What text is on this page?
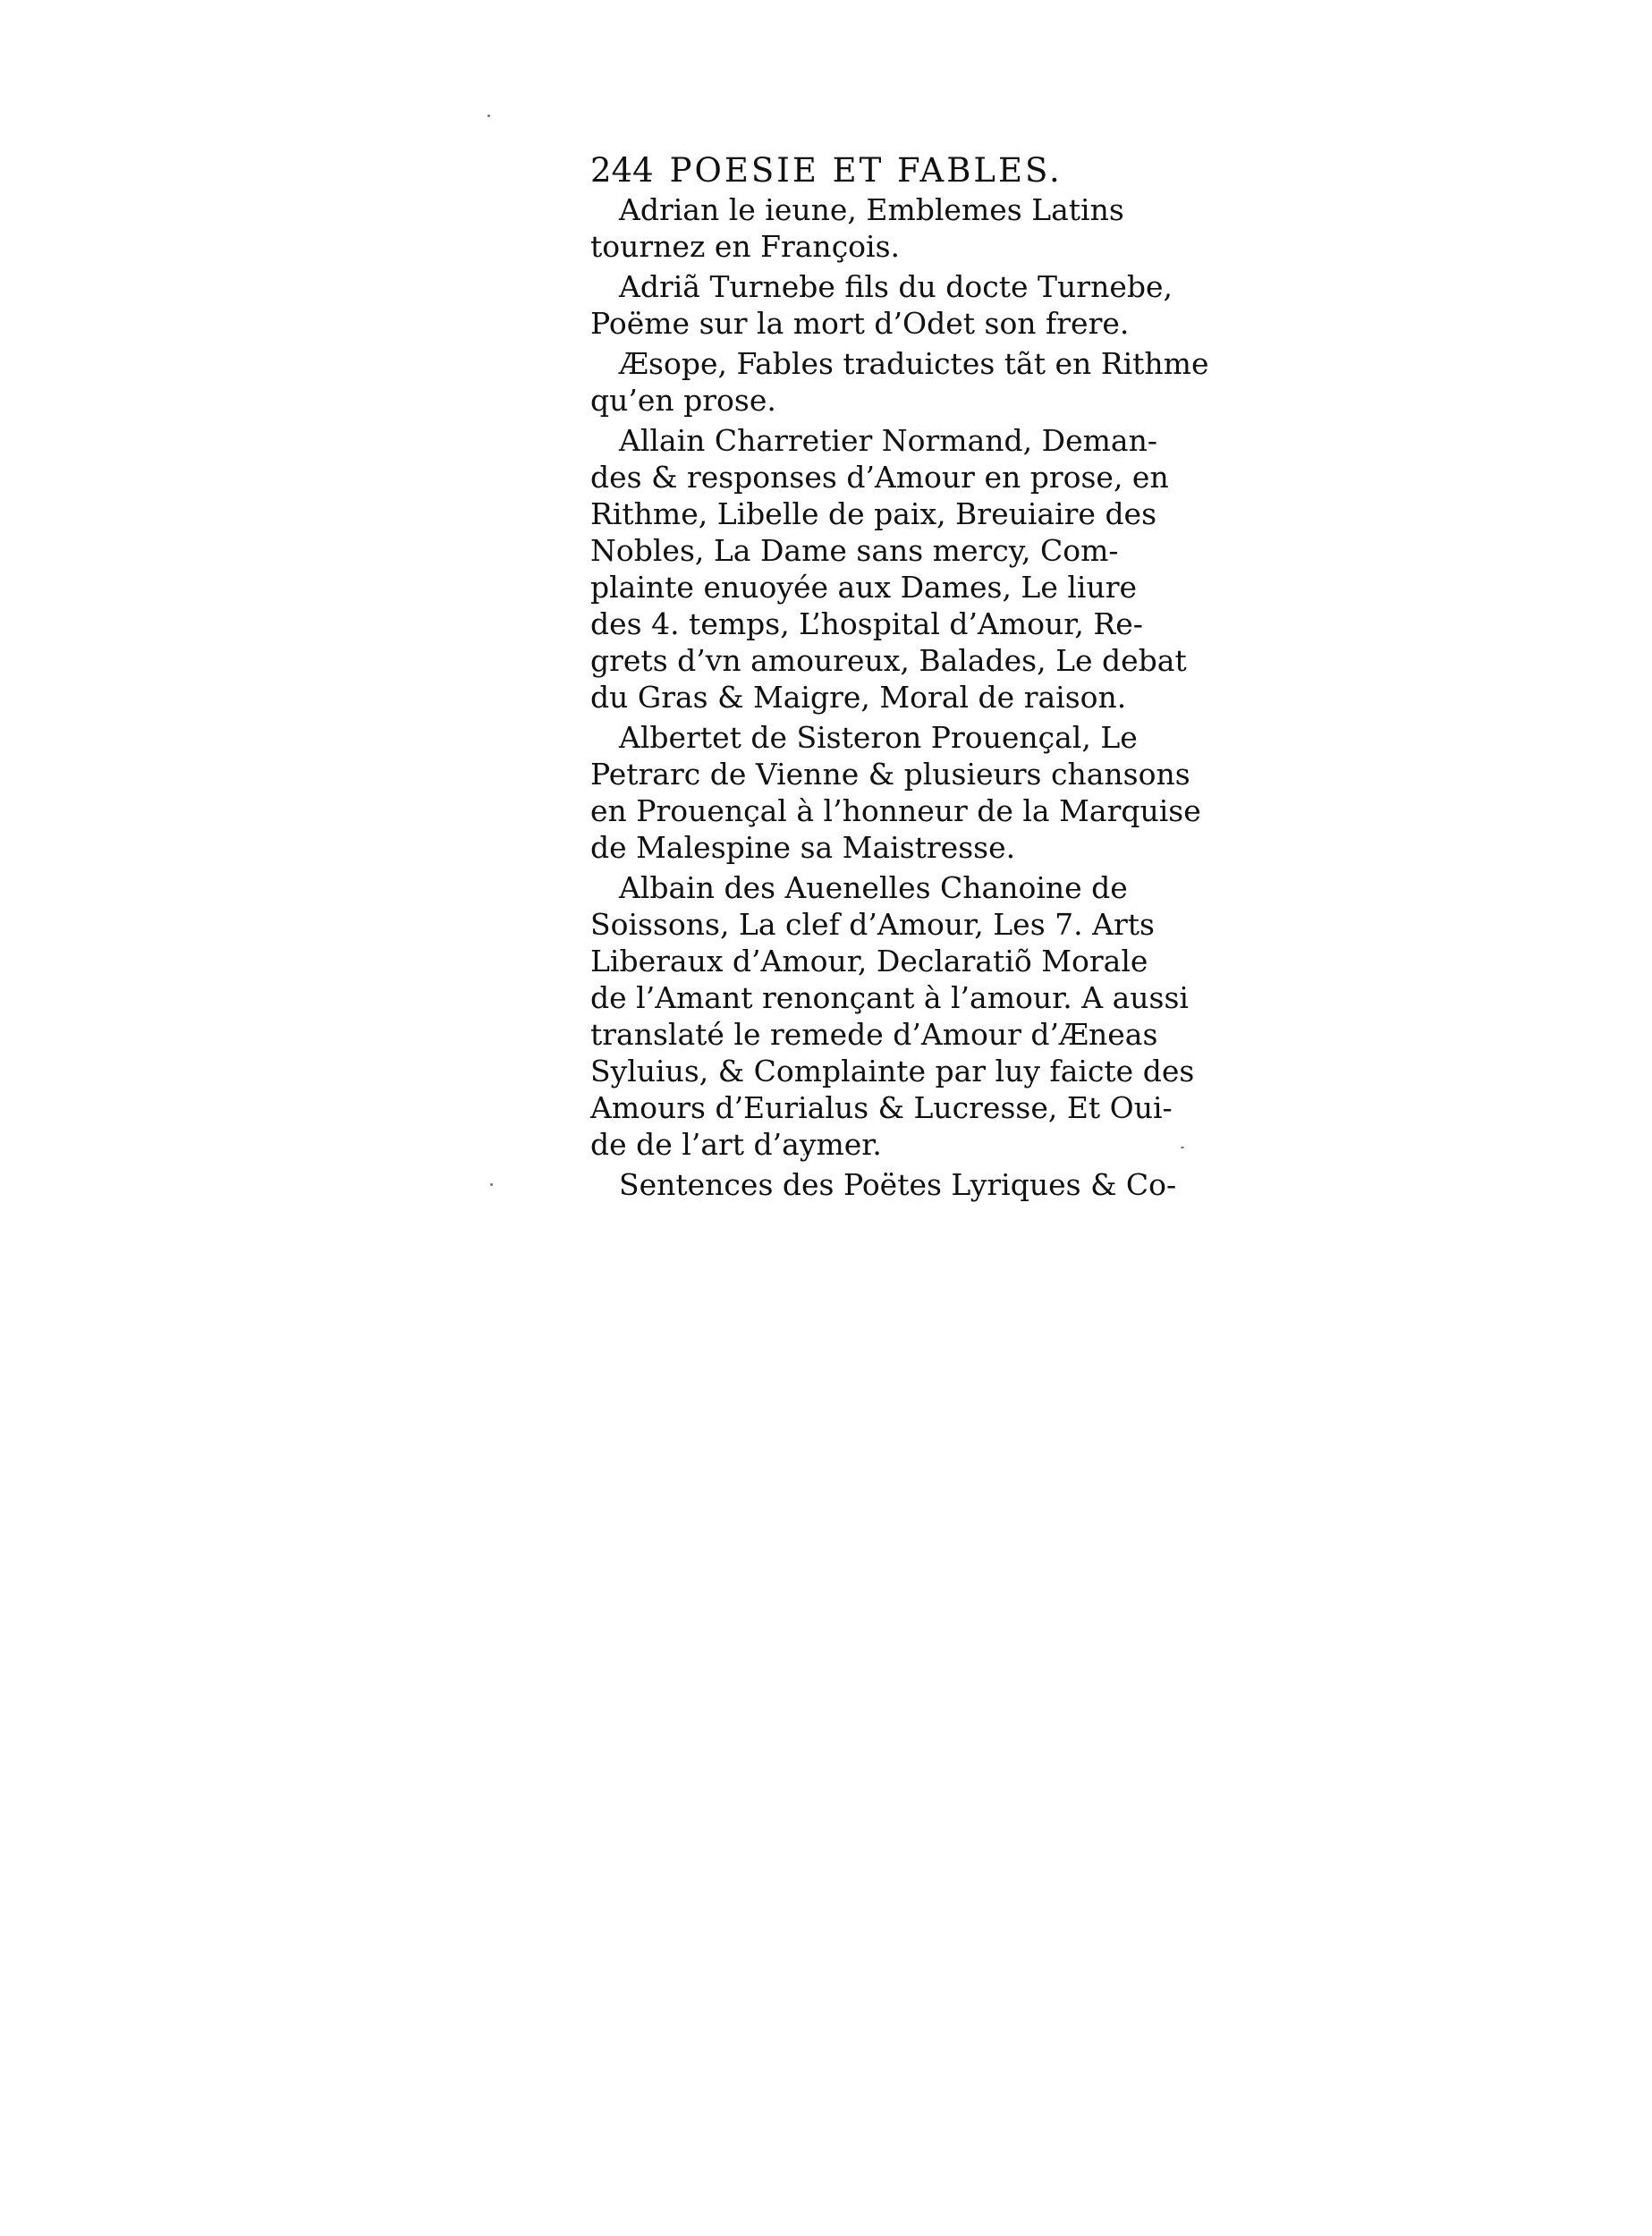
244 POESIE ET FABLES.
Adrian le ieune, Emblemes Latins
tournez en François.
Adriã Turnebe fils du docte Turnebe,
Poëme sur la mort d’Odet son frere.
Æsope, Fables traduictes tãt en Rithme
qu’en prose.
Allain Charretier Normand, Deman-
des & responses d’Amour en prose, en
Rithme, Libelle de paix, Breuiaire des
Nobles, La Dame sans mercy, Com-
plainte enuoyée aux Dames, Le liure
des 4. temps, L’hospital d’Amour, Re-
grets d’vn amoureux, Balades, Le debat
du Gras & Maigre, Moral de raison.
Albertet de Sisteron Prouençal, Le
Petrarc de Vienne & plusieurs chansons
en Prouençal à l’honneur de la Marquise
de Malespine sa Maistresse.
Albain des Auenelles Chanoine de
Soissons, La clef d’Amour, Les 7. Arts
Liberaux d’Amour, Declaratiõ Morale
de l’Amant renonçant à l’amour. A aussi
translaté le remede d’Amour d’Æneas
Syluius, & Complainte par luy faicte des
Amours d’Eurialus & Lucresse, Et Oui-
de de l’art d’aymer.
Sentences des Poëtes Lyriques & Co-
